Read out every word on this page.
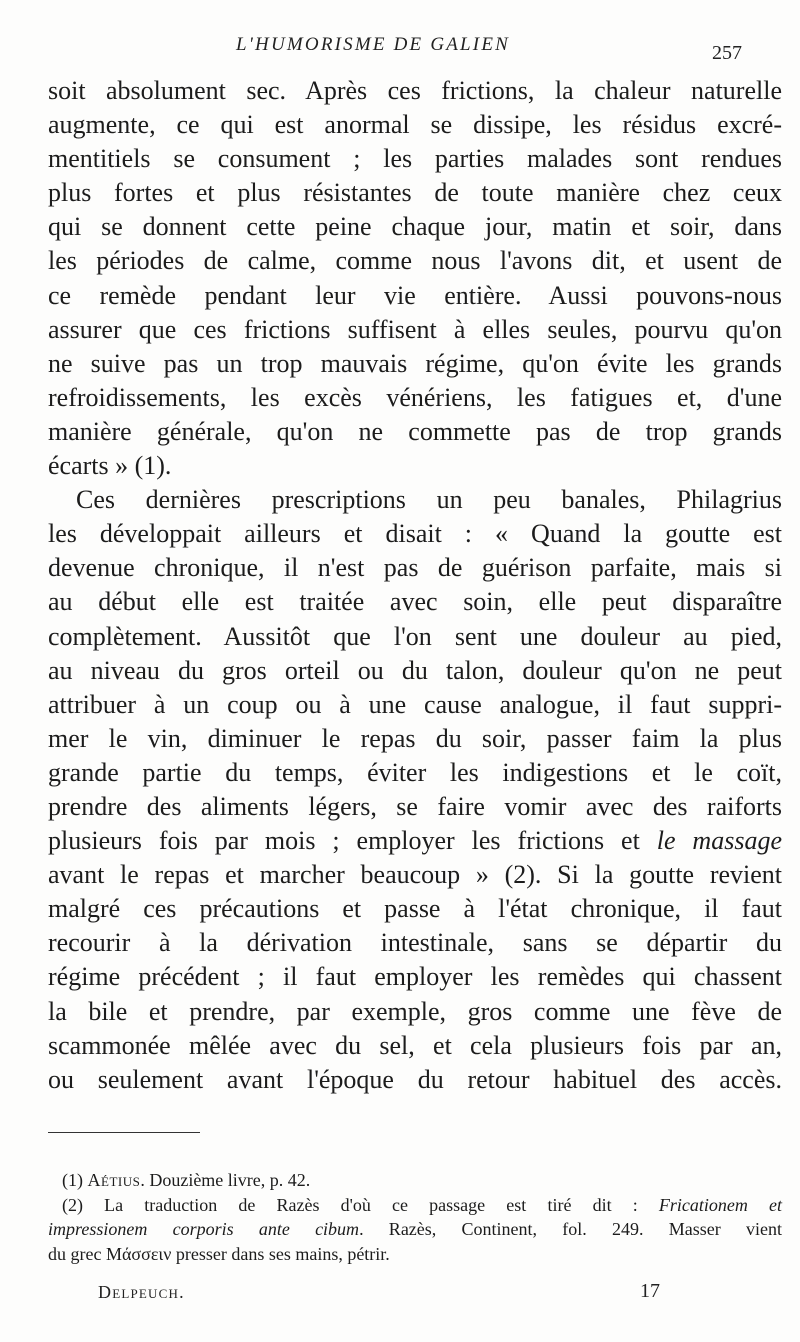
L'HUMORISME DE GALIEN	257

soit absolument sec. Après ces frictions, la chaleur naturelle
augmente, ce qui est anormal se dissipe, les résidus excré-
mentitiels se consument ; les parties malades sont rendues
plus fortes et plus résistantes de toute manière chez ceux
qui se donnent cette peine chaque jour, matin et soir, dans
les périodes de calme, comme nous l'avons dit, et usent de
ce remède pendant leur vie entière. Aussi pouvons-nous
assurer que ces frictions suffisent à elles seules, pourvu qu'on
ne suive pas un trop mauvais régime, qu'on évite les grands
refroidissements, les excès vénériens, les fatigues et, d'une
manière générale, qu'on ne commette pas de trop grands
écarts » (1).

Ces dernières prescriptions un peu banales, Philagrius
les développait ailleurs et disait : « Quand la goutte est
devenue chronique, il n'est pas de guérison parfaite, mais si
au début elle est traitée avec soin, elle peut disparaître
complètement. Aussitôt que l'on sent une douleur au pied,
au niveau du gros orteil ou du talon, douleur qu'on ne peut
attribuer à un coup ou à une cause analogue, il faut suppri-
mer le vin, diminuer le repas du soir, passer faim la plus
grande partie du temps, éviter les indigestions et le coït,
prendre des aliments légers, se faire vomir avec des raiforts
plusieurs fois par mois ; employer les frictions et le massage
avant le repas et marcher beaucoup » (2). Si la goutte revient
malgré ces précautions et passe à l'état chronique, il faut
recourir à la dérivation intestinale, sans se départir du
régime précédent ; il faut employer les remèdes qui chassent
la bile et prendre, par exemple, gros comme une fève de
scammonée mêlée avec du sel, et cela plusieurs fois par an,
ou seulement avant l'époque du retour habituel des accès.

(1) Aétius. Douzième livre, p. 42.
(2) La traduction de Razès d'où ce passage est tiré dit : Fricationem et
impressionem corporis ante cibum. Razès, Continent, fol. 249. Masser vient
du grec Μάσσειν presser dans ses mains, pétrir.
Delpeuch.	17
